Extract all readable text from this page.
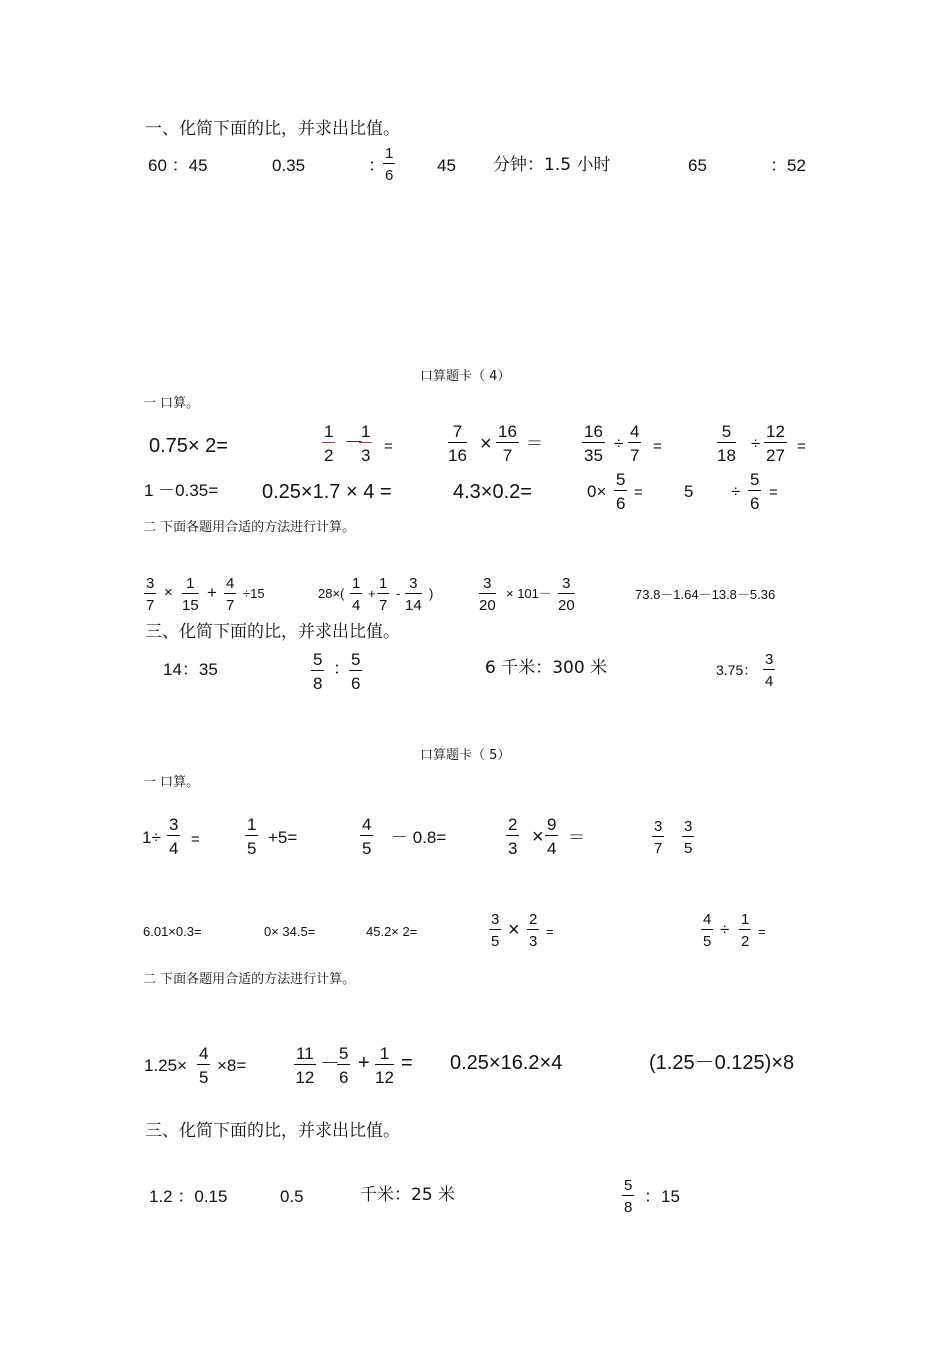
一、化简下面的比，并求出比值。
60 ：45	0.35	：
1
6
45 分钟：1.5 小时	65	：52
口算题卡（ 4）
一 口算。
0.75× 2=
1
2
－
1
3 =
7
16
×
16
7
＝
16
35
÷
4
7 =
5
18
÷
12
27 =
1 －0.35= 0.25×1.7 × 4 =	4.3×0.2=	0×
5
6
= 5 ÷
5
6
=
二 下面各题用合适的方法进行计算。
3
7
×
1
15
+ 4
7
÷15	28×(
1
4
+
1
7
-
3
14
)
3
20
× 101－
3
20
73.8－1.64－13.8－5.36
三、化简下面的比，并求出比值。
14：35
5
8
： 5
6
6 千米：300 米	3.75：
3
4
口算题卡（ 5）
一 口算。
1÷
3
4 =
1
5
+5=
4
5
－ 0.8=
2
3
×
9
4
＝
3
7
3
5
6.01×0.3=	0× 34.5=	45.2× 2=
3
5
× 2
3
=
4
5
÷
1
2
=
二 下面各题用合适的方法进行计算。
1.25×
4
5
×8=
11
12
－ 5
6
+ 1
12
= 0.25×16.2×4	(1.25－0.125)×8
三、化简下面的比，并求出比值。
1.2 ：0.15	0.5	千米：25 米	5
8
：15
